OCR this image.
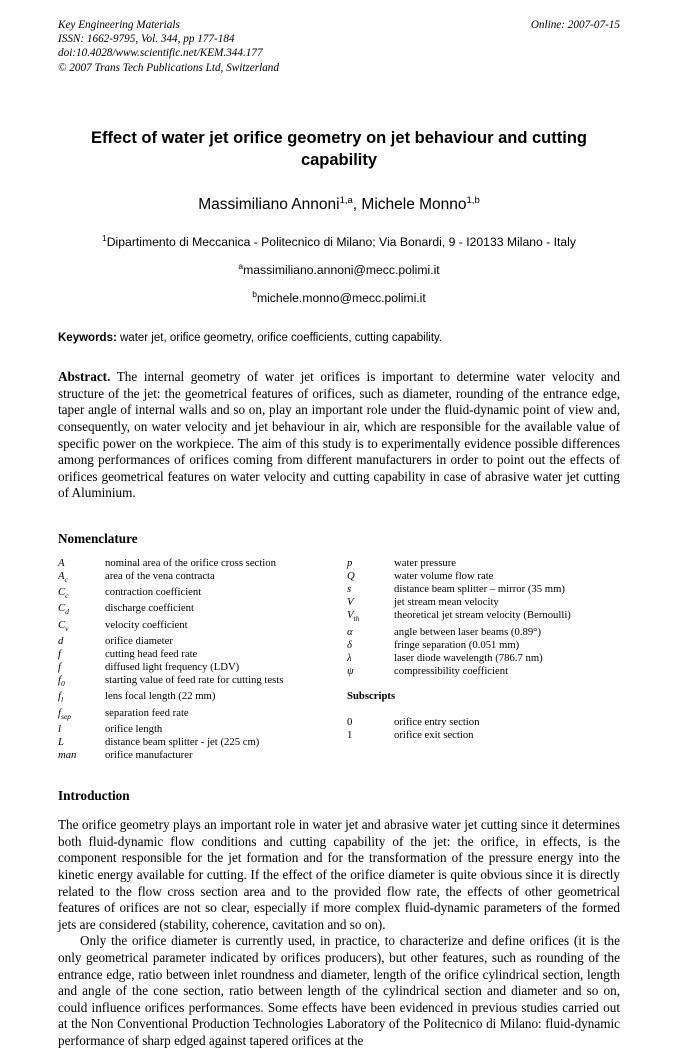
Key Engineering Materials
ISSN: 1662-9795, Vol. 344, pp 177-184
doi:10.4028/www.scientific.net/KEM.344.177
© 2007 Trans Tech Publications Ltd, Switzerland
Online: 2007-07-15
Effect of water jet orifice geometry on jet behaviour and cutting capability
Massimiliano Annoni$^{1,a}$, Michele Monno$^{1,b}$
$^1$Dipartimento di Meccanica - Politecnico di Milano; Via Bonardi, 9 - I20133 Milano - Italy
$^a$massimiliano.annoni@mecc.polimi.it
$^b$michele.monno@mecc.polimi.it
Keywords: water jet, orifice geometry, orifice coefficients, cutting capability.
Abstract. The internal geometry of water jet orifices is important to determine water velocity and structure of the jet: the geometrical features of orifices, such as diameter, rounding of the entrance edge, taper angle of internal walls and so on, play an important role under the fluid-dynamic point of view and, consequently, on water velocity and jet behaviour in air, which are responsible for the available value of specific power on the workpiece. The aim of this study is to experimentally evidence possible differences among performances of orifices coming from different manufacturers in order to point out the effects of orifices geometrical features on water velocity and cutting capability in case of abrasive water jet cutting of Aluminium.
Nomenclature
A	nominal area of the orifice cross section
$A_c$	area of the vena contracta
$C_c$	contraction coefficient
$C_d$	discharge coefficient
$C_v$	velocity coefficient
d	orifice diameter
f	cutting head feed rate
f	diffused light frequency (LDV)
$f_0$	starting value of feed rate for cutting tests
$f_l$	lens focal length (22 mm)
$f_{sep}$	separation feed rate
l	orifice length
L	distance beam splitter - jet (225 cm)
man	orifice manufacturer
p	water pressure
Q	water volume flow rate
s	distance beam splitter – mirror (35 mm)
V	jet stream mean velocity
$V_{th}$	theoretical jet stream velocity (Bernoulli)
α	angle between laser beams (0.89°)
δ	fringe separation (0.051 mm)
λ	laser diode wavelength (786.7 nm)
ψ	compressibility coefficient
Subscripts
0	orifice entry section
1	orifice exit section
Introduction

The orifice geometry plays an important role in water jet and abrasive water jet cutting since it determines both fluid-dynamic flow conditions and cutting capability of the jet: the orifice, in effects, is the component responsible for the jet formation and for the transformation of the pressure energy into the kinetic energy available for cutting. If the effect of the orifice diameter is quite obvious since it is directly related to the flow cross section area and to the provided flow rate, the effects of other geometrical features of orifices are not so clear, especially if more complex fluid-dynamic parameters of the formed jets are considered (stability, coherence, cavitation and so on).

Only the orifice diameter is currently used, in practice, to characterize and define orifices (it is the only geometrical parameter indicated by orifices producers), but other features, such as rounding of the entrance edge, ratio between inlet roundness and diameter, length of the orifice cylindrical section, length and angle of the cone section, ratio between length of the cylindrical section and diameter and so on, could influence orifices performances. Some effects have been evidenced in previous studies carried out at the Non Conventional Production Technologies Laboratory of the Politecnico di Milano: fluid-dynamic performance of sharp edged against tapered orifices at the
